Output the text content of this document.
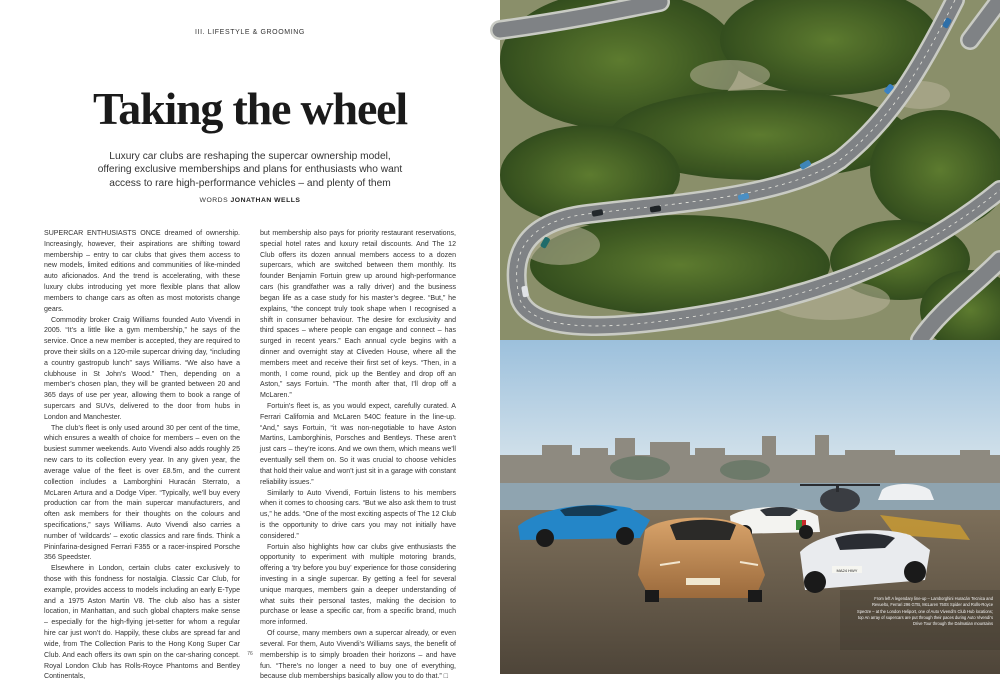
III. LIFESTYLE & GROOMING
Taking the wheel
Luxury car clubs are reshaping the supercar ownership model, offering exclusive memberships and plans for enthusiasts who want access to rare high-performance vehicles – and plenty of them
WORDS JONATHAN WELLS

SUPERCAR ENTHUSIASTS ONCE dreamed of ownership. Increasingly, however, their aspirations are shifting toward membership – entry to car clubs that gives them access to new models, limited editions and communities of like-minded auto aficionados. And the trend is accelerating, with these luxury clubs introducing yet more flexible plans that allow members to change cars as often as most motorists change gears.

Commodity broker Craig Williams founded Auto Vivendi in 2005. “It’s a little like a gym membership,” he says of the service. Once a new member is accepted, they are required to prove their skills on a 120-mile supercar driving day, “including a country gastropub lunch” says Williams. “We also have a clubhouse in St John’s Wood.” Then, depending on a member’s chosen plan, they will be granted between 20 and 365 days of use per year, allowing them to book a range of supercars and SUVs, delivered to the door from hubs in London and Manchester.

The club’s fleet is only used around 30 per cent of the time, which ensures a wealth of choice for members – even on the busiest summer weekends. Auto Vivendi also adds roughly 25 new cars to its collection every year. In any given year, the average value of the fleet is over £8.5m, and the current collection includes a Lamborghini Huracán Sterrato, a McLaren Artura and a Dodge Viper. “Typically, we’ll buy every production car from the main supercar manufacturers, and often ask members for their thoughts on the colours and specifications,” says Williams. Auto Vivendi also carries a number of ‘wildcards’ – exotic classics and rare finds. Think a Pininfarina-designed Ferrari F355 or a racer-inspired Porsche 356 Speedster.

Elsewhere in London, certain clubs cater exclusively to those with this fondness for nostalgia. Classic Car Club, for example, provides access to models including an early E-Type and a 1975 Aston Martin V8. The club also has a sister location, in Manhattan, and such global chapters make sense – especially for the high-flying jet-setter for whom a regular hire car just won’t do. Happily, these clubs are spread far and wide, from The Collection Paris to the Hong Kong Super Car Club. And each offers its own spin on the car-sharing concept. Royal London Club has Rolls-Royce Phantoms and Bentley Continentals,

but membership also pays for priority restaurant reservations, special hotel rates and luxury retail discounts. And The 12 Club offers its dozen annual members access to a dozen supercars, which are switched between them monthly. Its founder Benjamin Fortuin grew up around high-performance cars (his grandfather was a rally driver) and the business began life as a case study for his master’s degree. “But,” he explains, “the concept truly took shape when I recognised a shift in consumer behaviour. The desire for exclusivity and third spaces – where people can engage and connect – has surged in recent years.” Each annual cycle begins with a dinner and overnight stay at Cliveden House, where all the members meet and receive their first set of keys. “Then, in a month, I come round, pick up the Bentley and drop off an Aston,” says Fortuin. “The month after that, I’ll drop off a McLaren.”

Fortuin’s fleet is, as you would expect, carefully curated. A Ferrari California and McLaren 540C feature in the line-up. “And,” says Fortuin, “it was non-negotiable to have Aston Martins, Lamborghinis, Porsches and Bentleys. These aren’t just cars – they’re icons. And we own them, which means we’ll eventually sell them on. So it was crucial to choose vehicles that hold their value and won’t just sit in a garage with constant reliability issues.”

Similarly to Auto Vivendi, Fortuin listens to his members when it comes to choosing cars. “But we also ask them to trust us,” he adds. “One of the most exciting aspects of The 12 Club is the opportunity to drive cars you may not initially have considered.”

Fortuin also highlights how car clubs give enthusiasts the opportunity to experiment with multiple motoring brands, offering a ‘try before you buy’ experience for those considering investing in a single supercar. By getting a feel for several unique marques, members gain a deeper understanding of what suits their personal tastes, making the decision to purchase or lease a specific car, from a specific brand, much more informed.

Of course, many members own a supercar already, or even several. For them, Auto Vivendi’s Williams says, the benefit of membership is to simply broaden their horizons – and have fun. “There’s no longer a need to buy one of everything, because club memberships basically allow you to do that.” □

76
MA24 HWY
From left A legendary line-up – Lamborghini Huracán Tecnica and Revuelto, Ferrari 296 GTB, McLaren 750S Spider and Rolls-Royce Spectre – at the London Heliport, one of Auto Vivendi’s Club Hub locations; top An array of supercars are put through their paces during Auto Vivendi’s Drive Tour through the Dalmatian mountains
